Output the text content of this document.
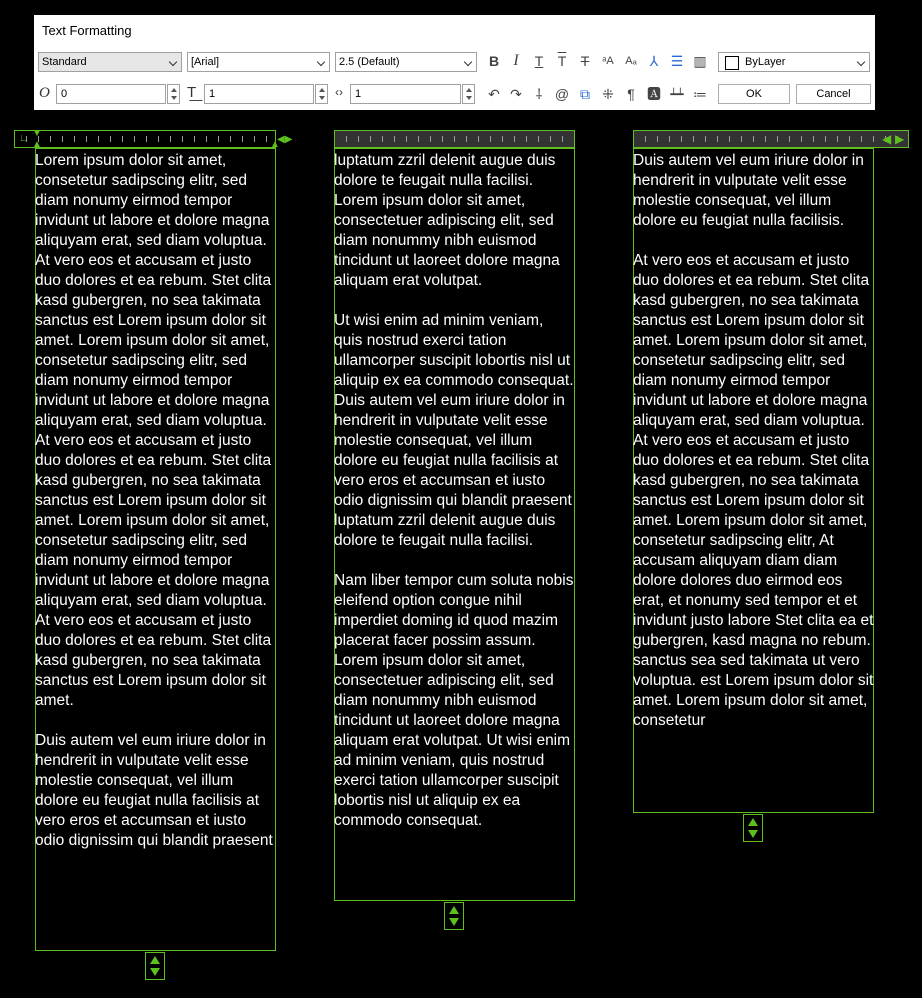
Text Formatting
Standard	[Arial]	2.5 (Default)	B I	T	$\overline{T}$	T	ᵃA	Aₐ ⅄ ☰ ▥	ByLayer
O	0	T͟	1	‹›	1	↶ ↷ ⸸ @ ⧉ ⁜ ¶ 🅰 ┷┷ ≔	OK	Cancel
∟ ▼
▲	▲
◀▶
Lorem ipsum dolor sit amet, consetetur sadipscing elitr, sed diam nonumy eirmod tempor invidunt ut labore et dolore magna aliquyam erat, sed diam voluptua. At vero eos et accusam et justo duo dolores et ea rebum. Stet clita kasd gubergren, no sea takimata sanctus est Lorem ipsum dolor sit amet. Lorem ipsum dolor sit amet, consetetur sadipscing elitr, sed diam nonumy eirmod tempor invidunt ut labore et dolore magna aliquyam erat, sed diam voluptua. At vero eos et accusam et justo duo dolores et ea rebum. Stet clita kasd gubergren, no sea takimata sanctus est Lorem ipsum dolor sit amet. Lorem ipsum dolor sit amet, consetetur sadipscing elitr, sed diam nonumy eirmod tempor invidunt ut labore et dolore magna aliquyam erat, sed diam voluptua. At vero eos et accusam et justo duo dolores et ea rebum. Stet clita kasd gubergren, no sea takimata sanctus est Lorem ipsum dolor sit amet.

Duis autem vel eum iriure dolor in hendrerit in vulputate velit esse molestie consequat, vel illum dolore eu feugiat nulla facilisis at vero eros et accumsan et iusto odio dignissim qui blandit praesent
luptatum zzril delenit augue duis dolore te feugait nulla facilisi. Lorem ipsum dolor sit amet, consectetuer adipiscing elit, sed diam nonummy nibh euismod tincidunt ut laoreet dolore magna aliquam erat volutpat.

Ut wisi enim ad minim veniam, quis nostrud exerci tation ullamcorper suscipit lobortis nisl ut aliquip ex ea commodo consequat. Duis autem vel eum iriure dolor in hendrerit in vulputate velit esse molestie consequat, vel illum dolore eu feugiat nulla facilisis at vero eros et accumsan et iusto odio dignissim qui blandit praesent luptatum zzril delenit augue duis dolore te feugait nulla facilisi.

Nam liber tempor cum soluta nobis eleifend option congue nihil imperdiet doming id quod mazim placerat facer possim assum. Lorem ipsum dolor sit amet, consectetuer adipiscing elit, sed diam nonummy nibh euismod tincidunt ut laoreet dolore magna aliquam erat volutpat. Ut wisi enim ad minim veniam, quis nostrud exerci tation ullamcorper suscipit lobortis nisl ut aliquip ex ea commodo consequat.
◀ ▶
Duis autem vel eum iriure dolor in hendrerit in vulputate velit esse molestie consequat, vel illum dolore eu feugiat nulla facilisis.

At vero eos et accusam et justo duo dolores et ea rebum. Stet clita kasd gubergren, no sea takimata sanctus est Lorem ipsum dolor sit amet. Lorem ipsum dolor sit amet, consetetur sadipscing elitr, sed diam nonumy eirmod tempor invidunt ut labore et dolore magna aliquyam erat, sed diam voluptua. At vero eos et accusam et justo duo dolores et ea rebum. Stet clita kasd gubergren, no sea takimata sanctus est Lorem ipsum dolor sit amet. Lorem ipsum dolor sit amet, consetetur sadipscing elitr, At accusam aliquyam diam diam dolore dolores duo eirmod eos erat, et nonumy sed tempor et et invidunt justo labore Stet clita ea et gubergren, kasd magna no rebum. sanctus sea sed takimata ut vero voluptua. est Lorem ipsum dolor sit amet. Lorem ipsum dolor sit amet, consetetur
